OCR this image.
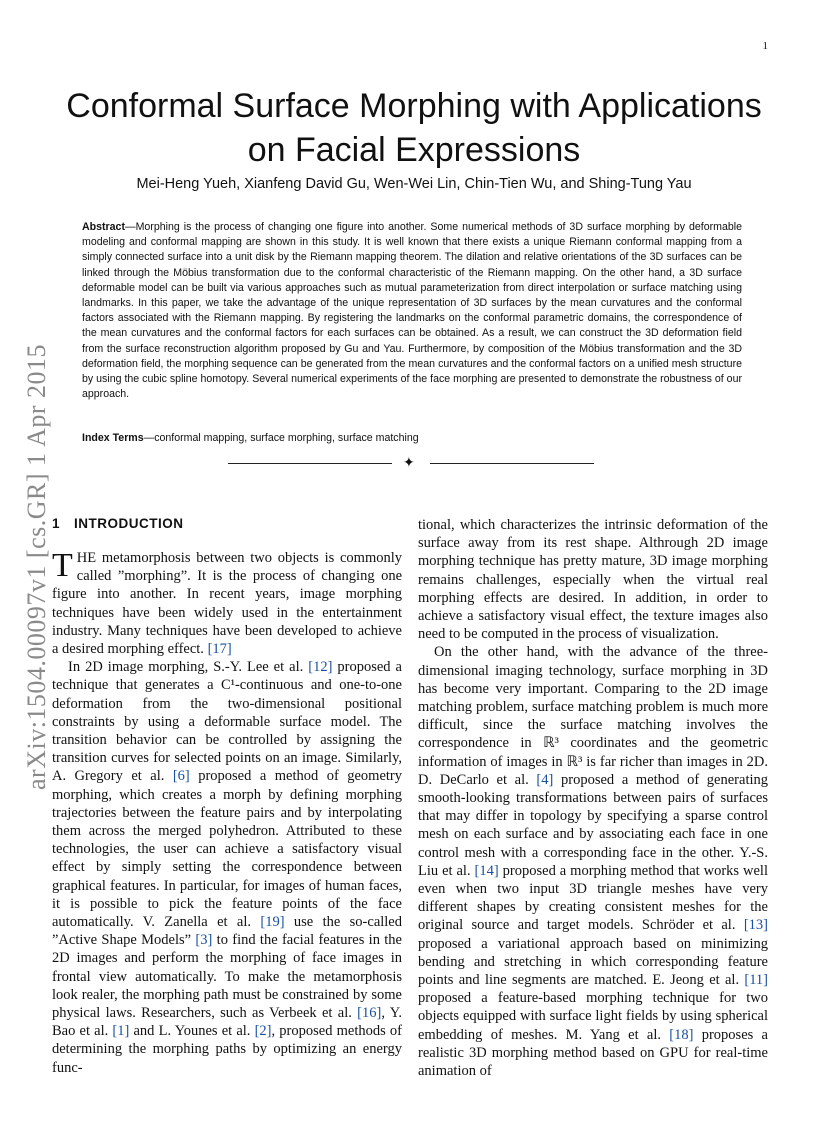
1
Conformal Surface Morphing with Applications
on Facial Expressions
Mei-Heng Yueh, Xianfeng David Gu, Wen-Wei Lin, Chin-Tien Wu, and Shing-Tung Yau

Abstract—Morphing is the process of changing one figure into another. Some numerical methods of 3D surface morphing by deformable modeling and conformal mapping are shown in this study. It is well known that there exists a unique Riemann conformal mapping from a simply connected surface into a unit disk by the Riemann mapping theorem. The dilation and relative orientations of the 3D surfaces can be linked through the Möbius transformation due to the conformal characteristic of the Riemann mapping. On the other hand, a 3D surface deformable model can be built via various approaches such as mutual parameterization from direct interpolation or surface matching using landmarks. In this paper, we take the advantage of the unique representation of 3D surfaces by the mean curvatures and the conformal factors associated with the Riemann mapping. By registering the landmarks on the conformal parametric domains, the correspondence of the mean curvatures and the conformal factors for each surfaces can be obtained. As a result, we can construct the 3D deformation field from the surface reconstruction algorithm proposed by Gu and Yau. Furthermore, by composition of the Möbius transformation and the 3D deformation field, the morphing sequence can be generated from the mean curvatures and the conformal factors on a unified mesh structure by using the cubic spline homotopy. Several numerical experiments of the face morphing are presented to demonstrate the robustness of our approach.

Index Terms—conformal mapping, surface morphing, surface matching
✦
arXiv:1504.00097v1 [cs.GR] 1 Apr 2015 1 INTRODUCTION

THE metamorphosis between two objects is commonly called ”morphing”. It is the process of changing one figure into another. In recent years, image morphing techniques have been widely used in the entertainment industry. Many techniques have been developed to achieve a desired morphing effect. [17]

In 2D image morphing, S.-Y. Lee et al. [12] proposed a technique that generates a C¹-continuous and one-to-one deformation from the two-dimensional positional constraints by using a deformable surface model. The transition behavior can be controlled by assigning the transition curves for selected points on an image. Similarly, A. Gregory et al. [6] proposed a method of geometry morphing, which creates a morph by defining morphing trajectories between the feature pairs and by interpolating them across the merged polyhedron. Attributed to these technologies, the user can achieve a satisfactory visual effect by simply setting the correspondence between graphical features. In particular, for images of human faces, it is possible to pick the feature points of the face automatically. V. Zanella et al. [19] use the so-called ”Active Shape Models” [3] to find the facial features in the 2D images and perform the morphing of face images in frontal view automatically. To make the metamorphosis look realer, the morphing path must be constrained by some physical laws. Researchers, such as Verbeek et al. [16], Y. Bao et al. [1] and L. Younes et al. [2], proposed methods of determining the morphing paths by optimizing an energy func-

tional, which characterizes the intrinsic deformation of the surface away from its rest shape. Althrough 2D image morphing technique has pretty mature, 3D image morphing remains challenges, especially when the virtual real morphing effects are desired. In addition, in order to achieve a satisfactory visual effect, the texture images also need to be computed in the process of visualization.

On the other hand, with the advance of the three-dimensional imaging technology, surface morphing in 3D has become very important. Comparing to the 2D image matching problem, surface matching problem is much more difficult, since the surface matching involves the correspondence in ℝ³ coordinates and the geometric information of images in ℝ³ is far richer than images in 2D. D. DeCarlo et al. [4] proposed a method of generating smooth-looking transformations between pairs of surfaces that may differ in topology by specifying a sparse control mesh on each surface and by associating each face in one control mesh with a corresponding face in the other. Y.-S. Liu et al. [14] proposed a morphing method that works well even when two input 3D triangle meshes have very different shapes by creating consistent meshes for the original source and target models. Schröder et al. [13] proposed a variational approach based on minimizing bending and stretching in which corresponding feature points and line segments are matched. E. Jeong et al. [11] proposed a feature-based morphing technique for two objects equipped with surface light fields by using spherical embedding of meshes. M. Yang et al. [18] proposes a realistic 3D morphing method based on GPU for real-time animation of
